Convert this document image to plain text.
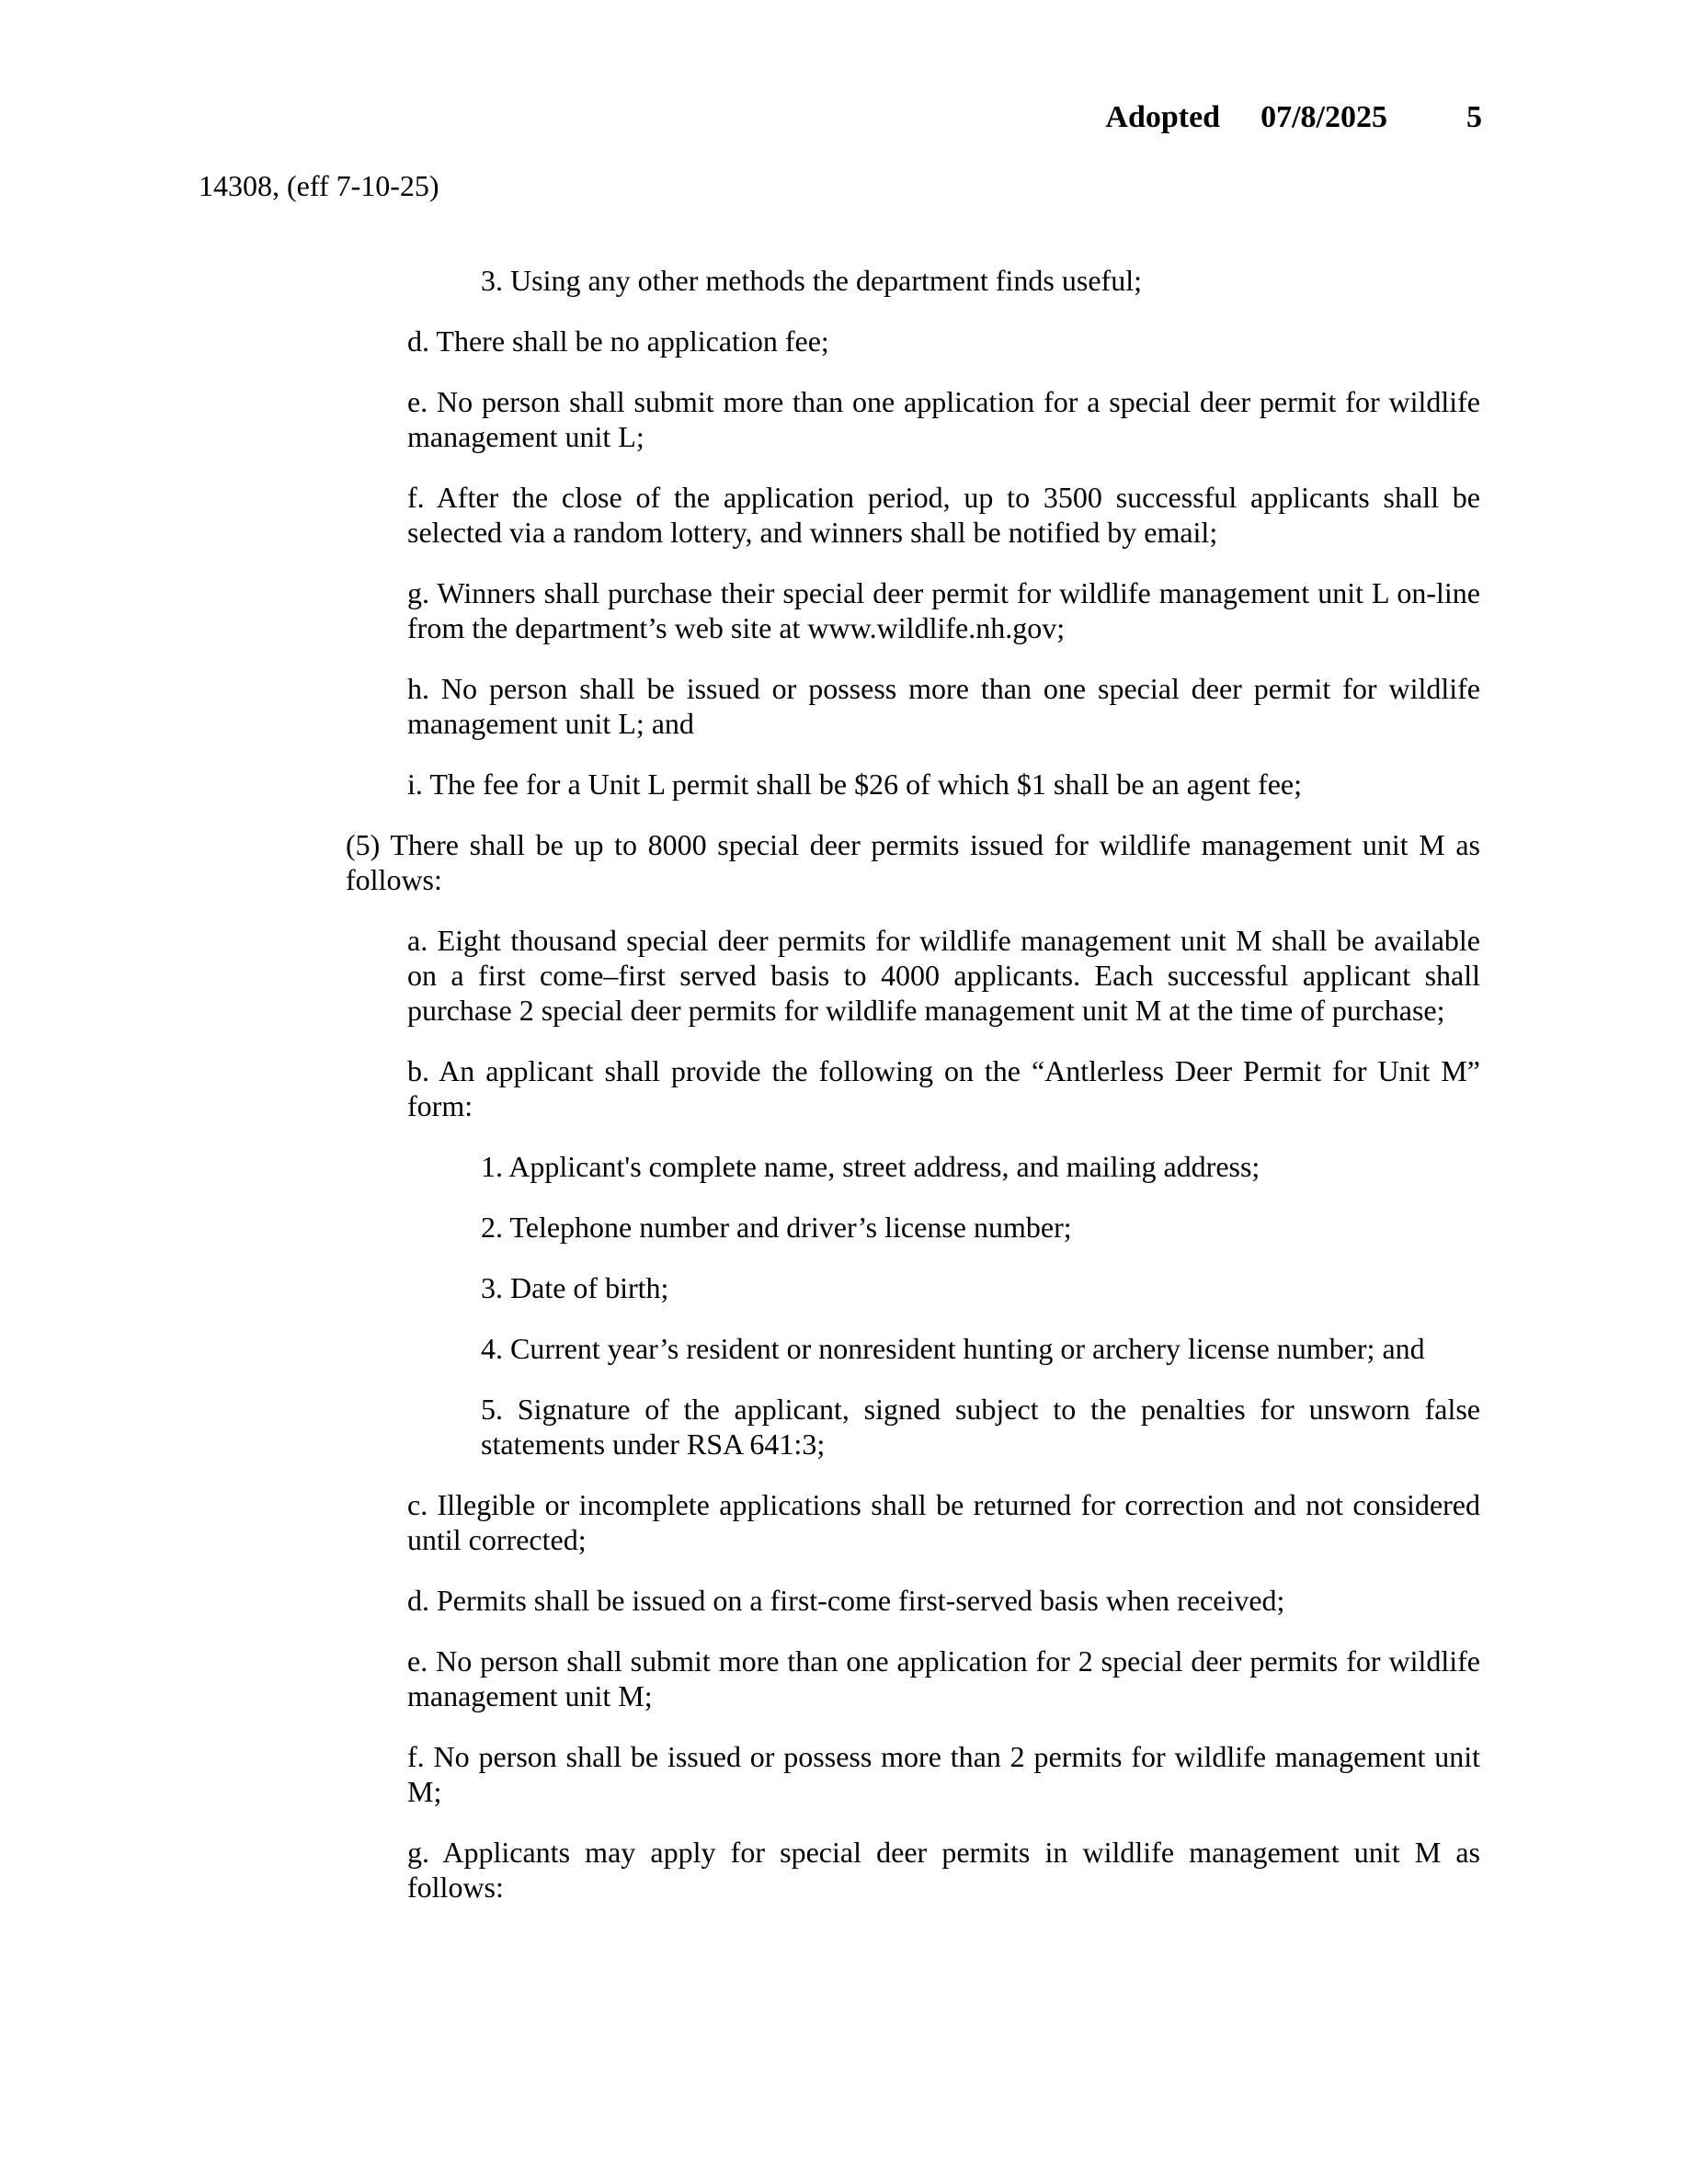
Adopted 07/8/2025	5
14308, (eff 7-10-25)

3. Using any other methods the department finds useful;

d. There shall be no application fee;

e. No person shall submit more than one application for a special deer permit for wildlife management unit L;

f. After the close of the application period, up to 3500 successful applicants shall be selected via a random lottery, and winners shall be notified by email;

g. Winners shall purchase their special deer permit for wildlife management unit L on-line from the department’s web site at www.wildlife.nh.gov;

h. No person shall be issued or possess more than one special deer permit for wildlife management unit L; and

i. The fee for a Unit L permit shall be $26 of which $1 shall be an agent fee;

(5) There shall be up to 8000 special deer permits issued for wildlife management unit M as follows:

a. Eight thousand special deer permits for wildlife management unit M shall be available on a first come–first served basis to 4000 applicants. Each successful applicant shall purchase 2 special deer permits for wildlife management unit M at the time of purchase;

b. An applicant shall provide the following on the “Antlerless Deer Permit for Unit M” form:

1. Applicant's complete name, street address, and mailing address;

2. Telephone number and driver’s license number;

3. Date of birth;

4. Current year’s resident or nonresident hunting or archery license number; and

5. Signature of the applicant, signed subject to the penalties for unsworn false statements under RSA 641:3;

c. Illegible or incomplete applications shall be returned for correction and not considered until corrected;

d. Permits shall be issued on a first-come first-served basis when received;

e. No person shall submit more than one application for 2 special deer permits for wildlife management unit M;

f. No person shall be issued or possess more than 2 permits for wildlife management unit M;

g. Applicants may apply for special deer permits in wildlife management unit M as follows:
